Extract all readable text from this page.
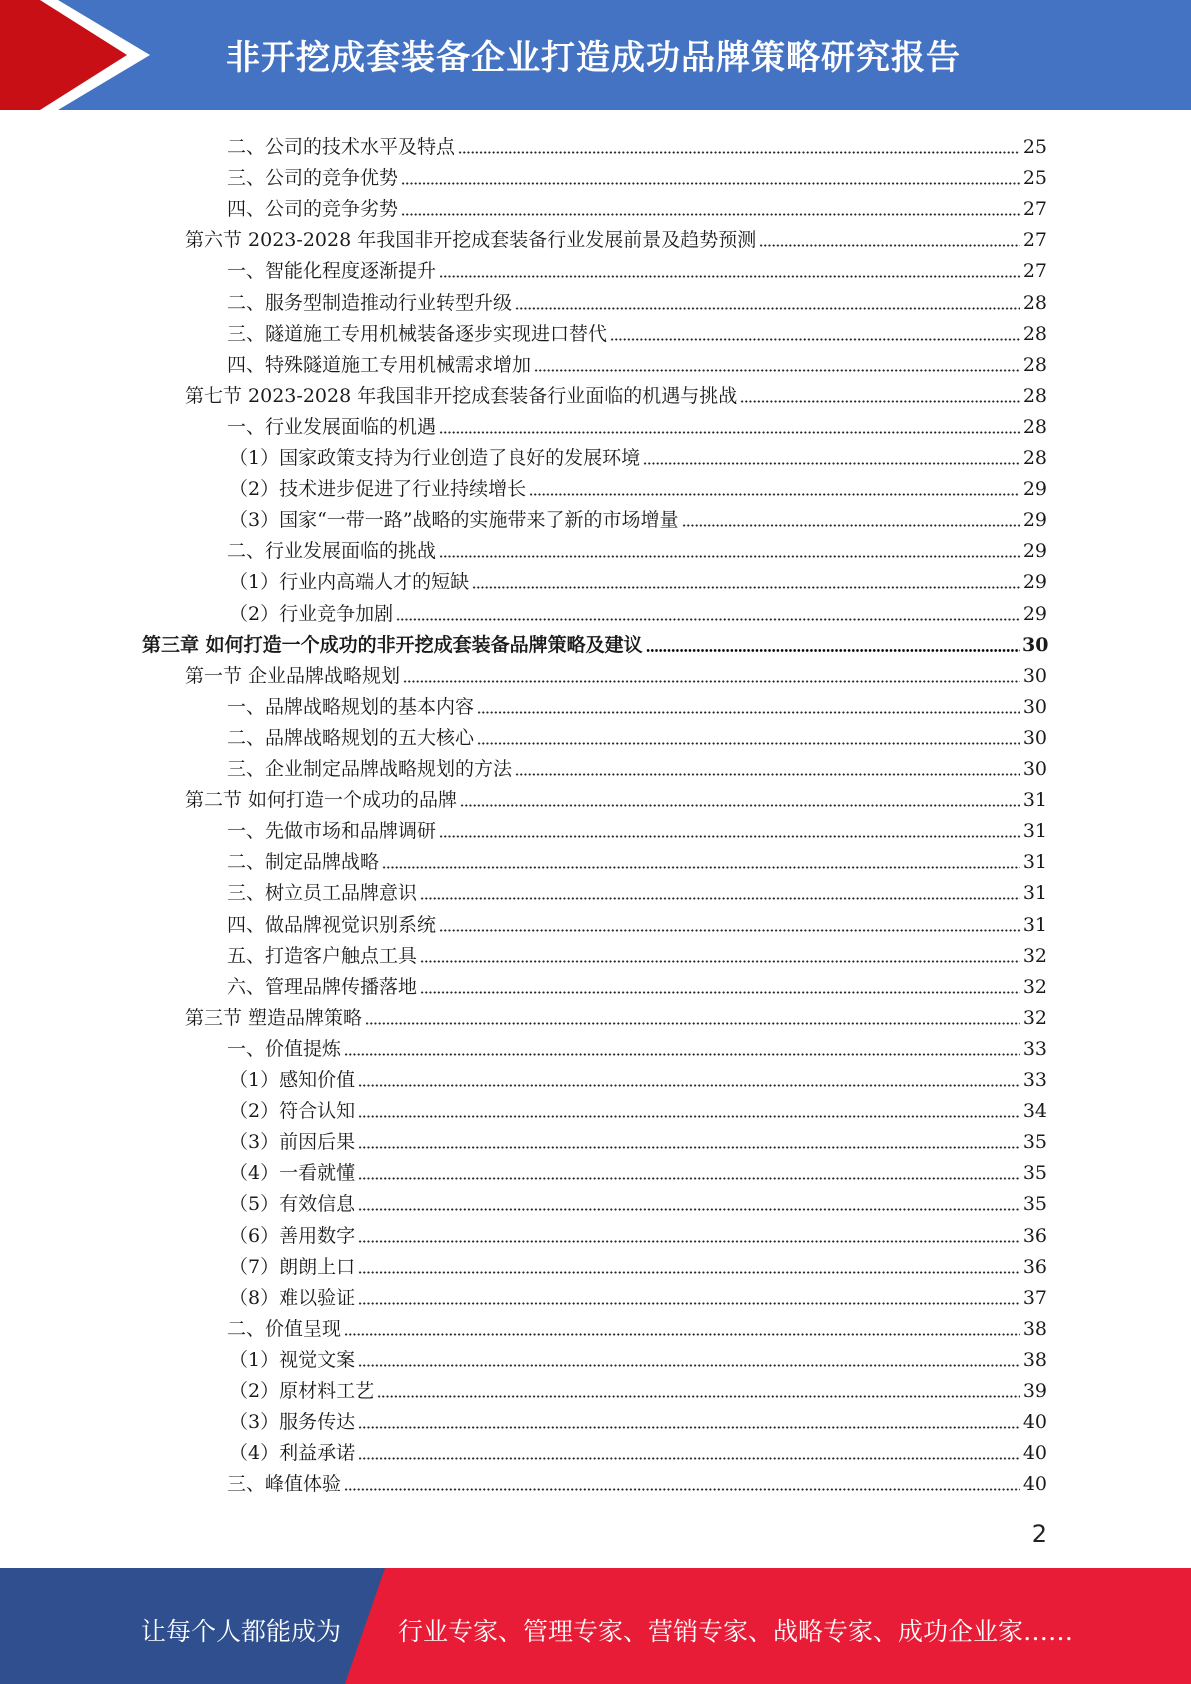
非开挖成套装备企业打造成功品牌策略研究报告
二、公司的技术水平及特点	25
三、公司的竞争优势	25
四、公司的竞争劣势	27
第六节 2023-2028 年我国非开挖成套装备行业发展前景及趋势预测	27
一、智能化程度逐渐提升	27
二、服务型制造推动行业转型升级	28
三、隧道施工专用机械装备逐步实现进口替代	28
四、特殊隧道施工专用机械需求增加	28
第七节 2023-2028 年我国非开挖成套装备行业面临的机遇与挑战	28
一、行业发展面临的机遇	28
（1）国家政策支持为行业创造了良好的发展环境	28
（2）技术进步促进了行业持续增长	29
（3）国家“一带一路”战略的实施带来了新的市场增量	29
二、行业发展面临的挑战	29
（1）行业内高端人才的短缺	29
（2）行业竞争加剧	29
第三章 如何打造一个成功的非开挖成套装备品牌策略及建议	30
第一节 企业品牌战略规划	30
一、品牌战略规划的基本内容	30
二、品牌战略规划的五大核心	30
三、企业制定品牌战略规划的方法	30
第二节 如何打造一个成功的品牌	31
一、先做市场和品牌调研	31
二、制定品牌战略	31
三、树立员工品牌意识	31
四、做品牌视觉识别系统	31
五、打造客户触点工具	32
六、管理品牌传播落地	32
第三节 塑造品牌策略	32
一、价值提炼	33
（1）感知价值	33
（2）符合认知	34
（3）前因后果	35
（4）一看就懂	35
（5）有效信息	35
（6）善用数字	36
（7）朗朗上口	36
（8）难以验证	37
二、价值呈现	38
（1）视觉文案	38
（2）原材料工艺	39
（3）服务传达	40
（4）利益承诺	40
三、峰值体验	40
2
让每个人都能成为 行业专家、管理专家、营销专家、战略专家、成功企业家……
